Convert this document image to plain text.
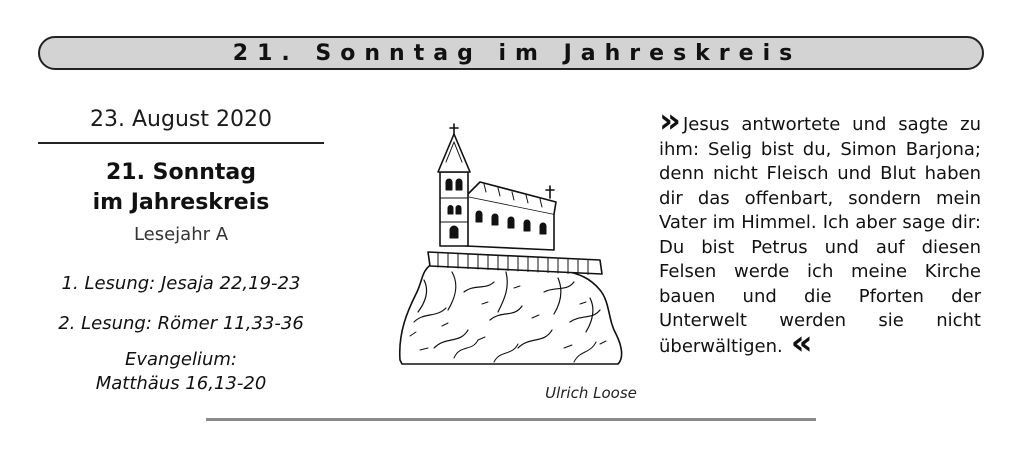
21. Sonntag im Jahreskreis
23. August 2020
21. Sonntag
im Jahreskreis
Lesejahr A
1. Lesung: Jesaja 22,19-23
2. Lesung: Römer 11,33-36
Evangelium:
Matthäus 16,13-20	Ulrich Loose
» Jesus antwortete und sagte zu ihm: Selig bist du, Simon Barjona; denn nicht Fleisch und Blut haben dir das offenbart, sondern mein Vater im Himmel. Ich aber sage dir: Du bist Petrus und auf diesen Felsen werde ich meine Kirche bauen und die Pforten der Unterwelt werden sie nicht überwältigen. «
